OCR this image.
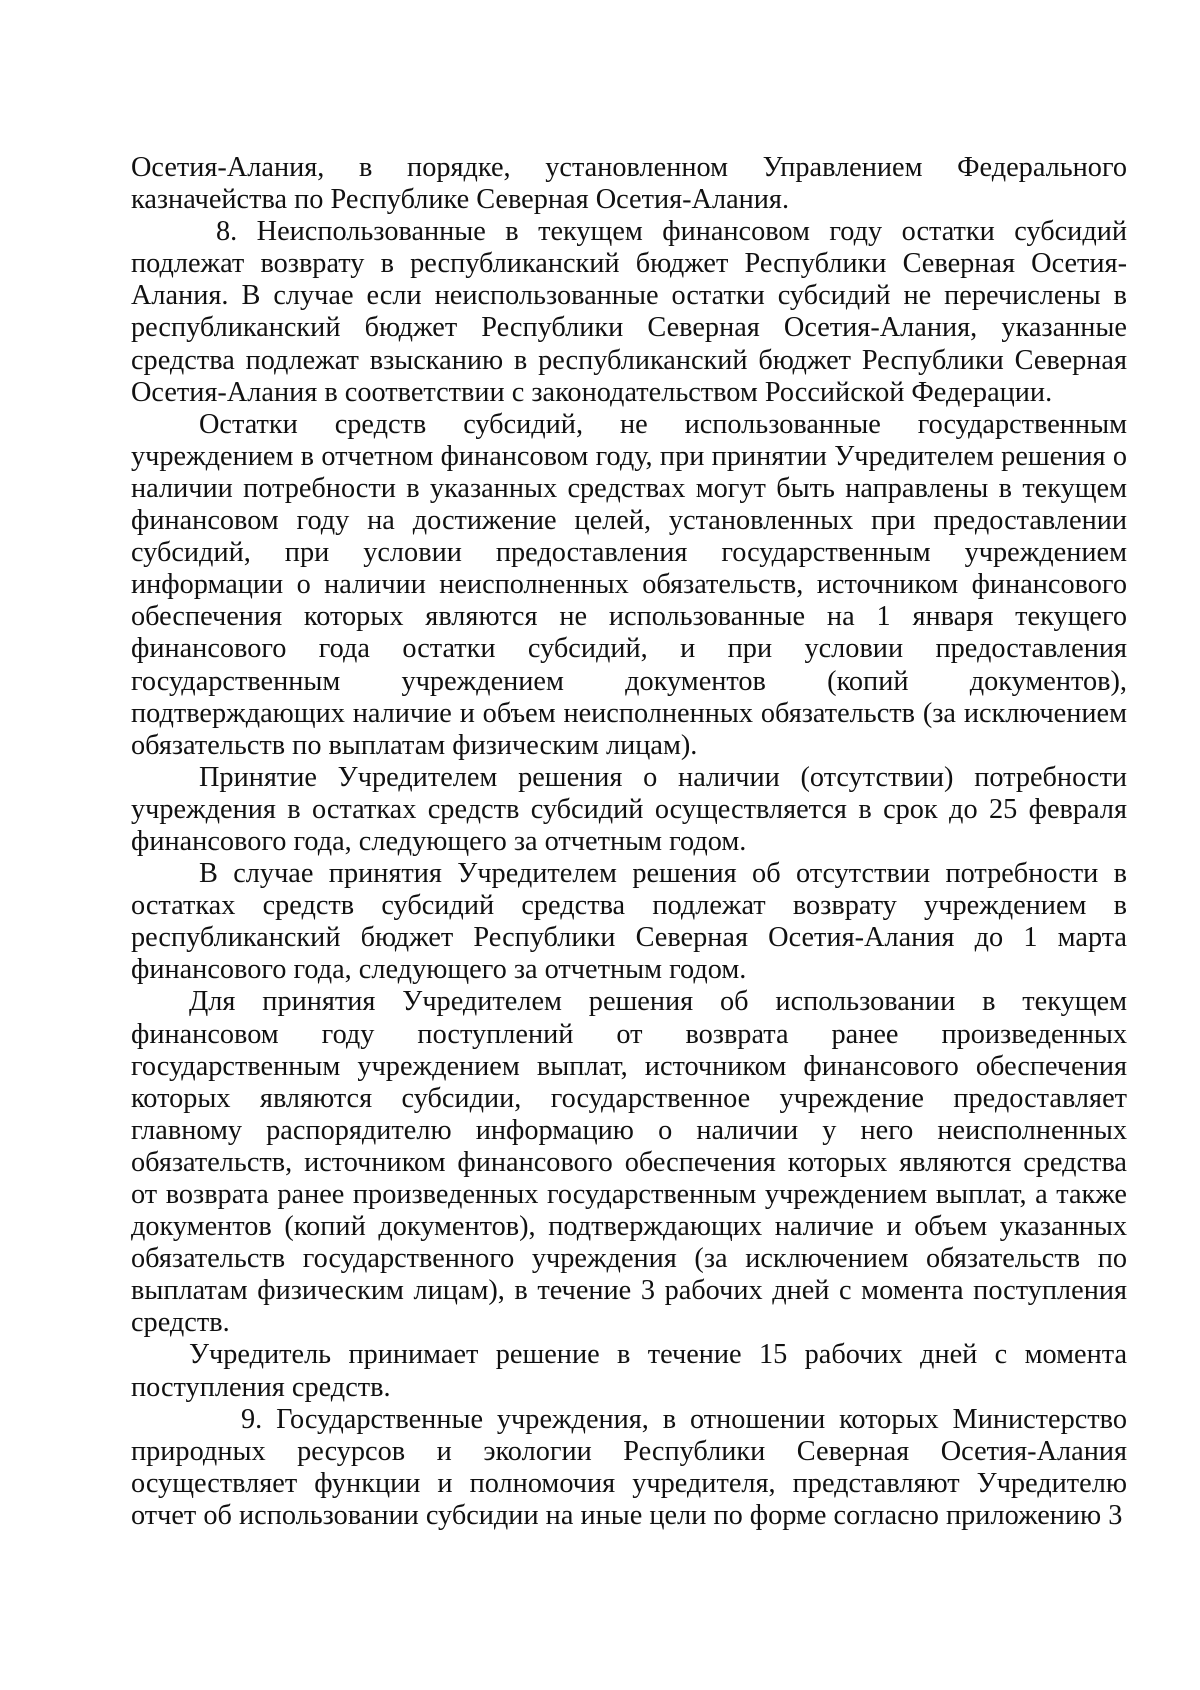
Осетия-Алания, в порядке, установленном Управлением Федерального казначейства по Республике Северная Осетия-Алания.

8. Неиспользованные в текущем финансовом году остатки субсидий подлежат возврату в республиканский бюджет Республики Северная Осетия-Алания. В случае если неиспользованные остатки субсидий не перечислены в республиканский бюджет Республики Северная Осетия-Алания, указанные средства подлежат взысканию в республиканский бюджет Республики Северная Осетия-Алания в соответствии с законодательством Российской Федерации.

Остатки средств субсидий, не использованные государственным учреждением в отчетном финансовом году, при принятии Учредителем решения о наличии потребности в указанных средствах могут быть направлены в текущем финансовом году на достижение целей, установленных при предоставлении субсидий, при условии предоставления государственным учреждением информации о наличии неисполненных обязательств, источником финансового обеспечения которых являются не использованные на 1 января текущего финансового года остатки субсидий, и при условии предоставления государственным учреждением документов (копий документов), подтверждающих наличие и объем неисполненных обязательств (за исключением обязательств по выплатам физическим лицам).

Принятие Учредителем решения о наличии (отсутствии) потребности учреждения в остатках средств субсидий осуществляется в срок до 25 февраля финансового года, следующего за отчетным годом.

В случае принятия Учредителем решения об отсутствии потребности в остатках средств субсидий средства подлежат возврату учреждением в республиканский бюджет Республики Северная Осетия-Алания до 1 марта финансового года, следующего за отчетным годом.

Для принятия Учредителем решения об использовании в текущем финансовом году поступлений от возврата ранее произведенных государственным учреждением выплат, источником финансового обеспечения которых являются субсидии, государственное учреждение предоставляет главному распорядителю информацию о наличии у него неисполненных обязательств, источником финансового обеспечения которых являются средства от возврата ранее произведенных государственным учреждением выплат, а также документов (копий документов), подтверждающих наличие и объем указанных обязательств государственного учреждения (за исключением обязательств по выплатам физическим лицам), в течение 3 рабочих дней с момента поступления средств.

Учредитель принимает решение в течение 15 рабочих дней с момента поступления средств.

9. Государственные учреждения, в отношении которых Министерство природных ресурсов и экологии Республики Северная Осетия-Алания осуществляет функции и полномочия учредителя, представляют Учредителю отчет об использовании субсидии на иные цели по форме согласно приложению 3
